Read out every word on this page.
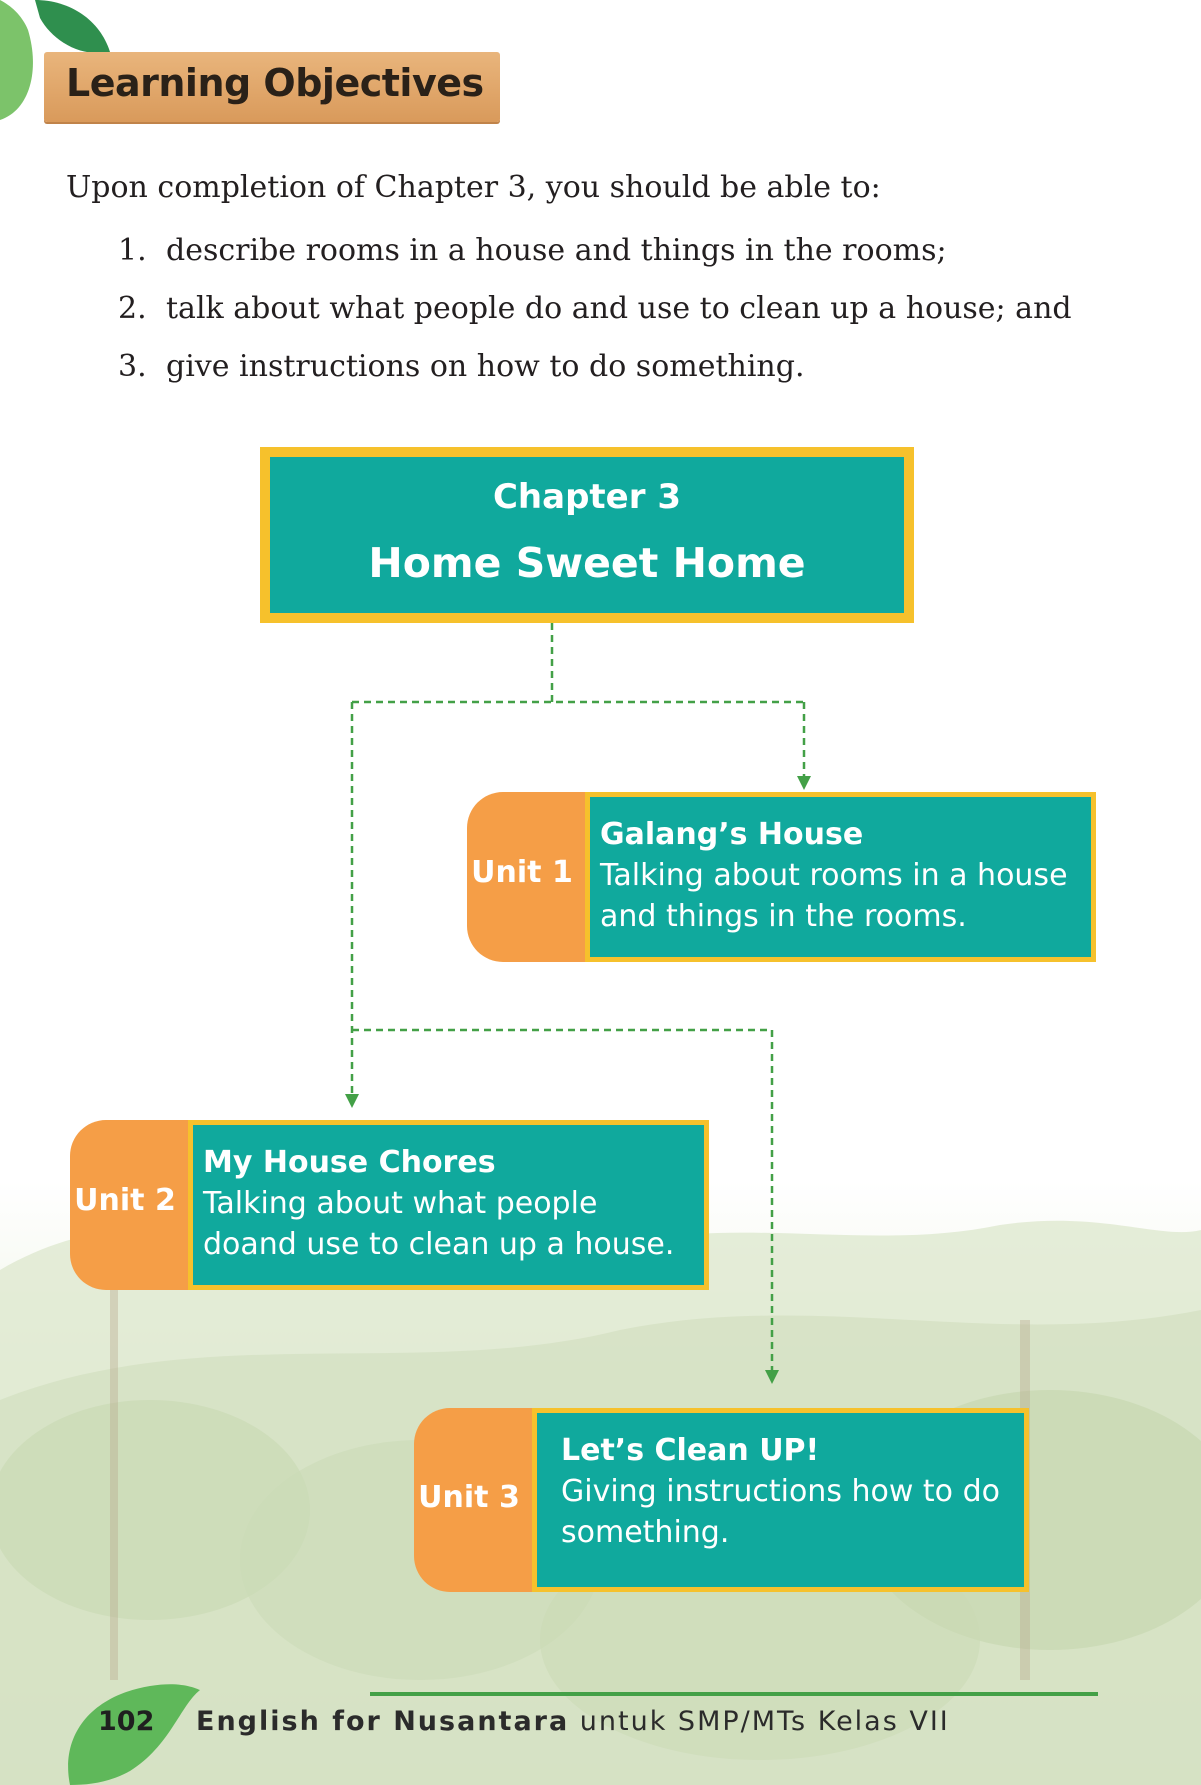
Learning Objectives
Upon completion of Chapter 3, you should be able to:
1. describe rooms in a house and things in the rooms;
2. talk about what people do and use to clean up a house; and
3. give instructions on how to do something.
Chapter 3
Home Sweet Home
Unit 1
Galang’s House
Talking about rooms in a house
and things in the rooms.
Unit 2
My House Chores
Talking about what people
doand use to clean up a house.
Unit 3
Let’s Clean UP!
Giving instructions how to do
something.
102 English for Nusantara untuk SMP/MTs Kelas VII
